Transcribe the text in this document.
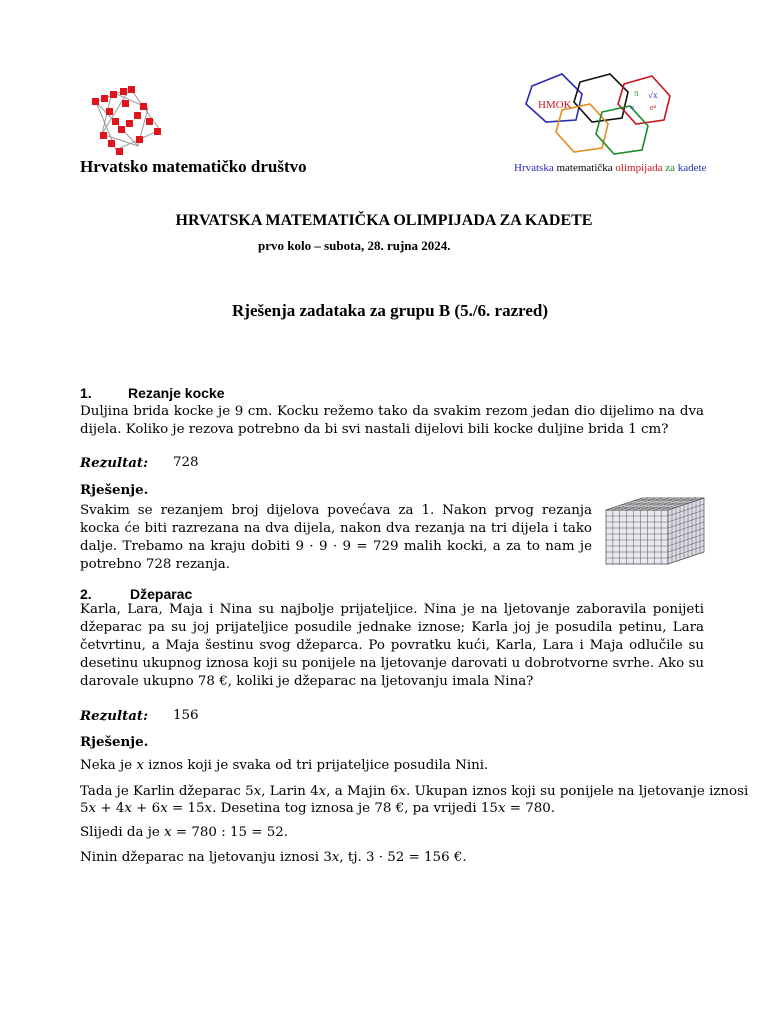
Hrvatsko matematičko društvo
HMOK
π √x
eⁿ
≈
Hrvatska matematička olimpijada za kadete
HRVATSKA MATEMATIČKA OLIMPIJADA ZA KADETE
prvo kolo – subota, 28. rujna 2024.
Rješenja zadataka za grupu B (5./6. razred)
1.	Rezanje kocke
Duljina brida kocke je 9 cm. Kocku režemo tako da svakim rezom jedan dio dijelimo na dva dijela. Koliko je rezova potrebno da bi svi nastali dijelovi bili kocke duljine brida 1 cm?
Rezultat: 728
Rješenje.
Svakim se rezanjem broj dijelova povećava za 1. Nakon prvog rezanja kocka će biti razrezana na dva dijela, nakon dva rezanja na tri dijela i tako dalje. Trebamo na kraju dobiti 9 · 9 · 9 = 729 malih kocki, a za to nam je potrebno 728 rezanja.
2.	Džeparac
Karla, Lara, Maja i Nina su najbolje prijateljice. Nina je na ljetovanje zaboravila ponijeti džeparac pa su joj prijateljice posudile jednake iznose; Karla joj je posudila petinu, Lara četvrtinu, a Maja šestinu svog džeparca. Po povratku kući, Karla, Lara i Maja odlučile su desetinu ukupnog iznosa koji su ponijele na ljetovanje darovati u dobrotvorne svrhe. Ako su darovale ukupno 78 €, koliki je džeparac na ljetovanju imala Nina?
Rezultat: 156
Rješenje.
Neka je x iznos koji je svaka od tri prijateljice posudila Nini.
Tada je Karlin džeparac 5x, Larin 4x, a Majin 6x. Ukupan iznos koji su ponijele na ljetovanje iznosi
5x + 4x + 6x = 15x. Desetina tog iznosa je 78 €, pa vrijedi 15x = 780.
Slijedi da je x = 780 : 15 = 52.
Ninin džeparac na ljetovanju iznosi 3x, tj. 3 · 52 = 156 €.
